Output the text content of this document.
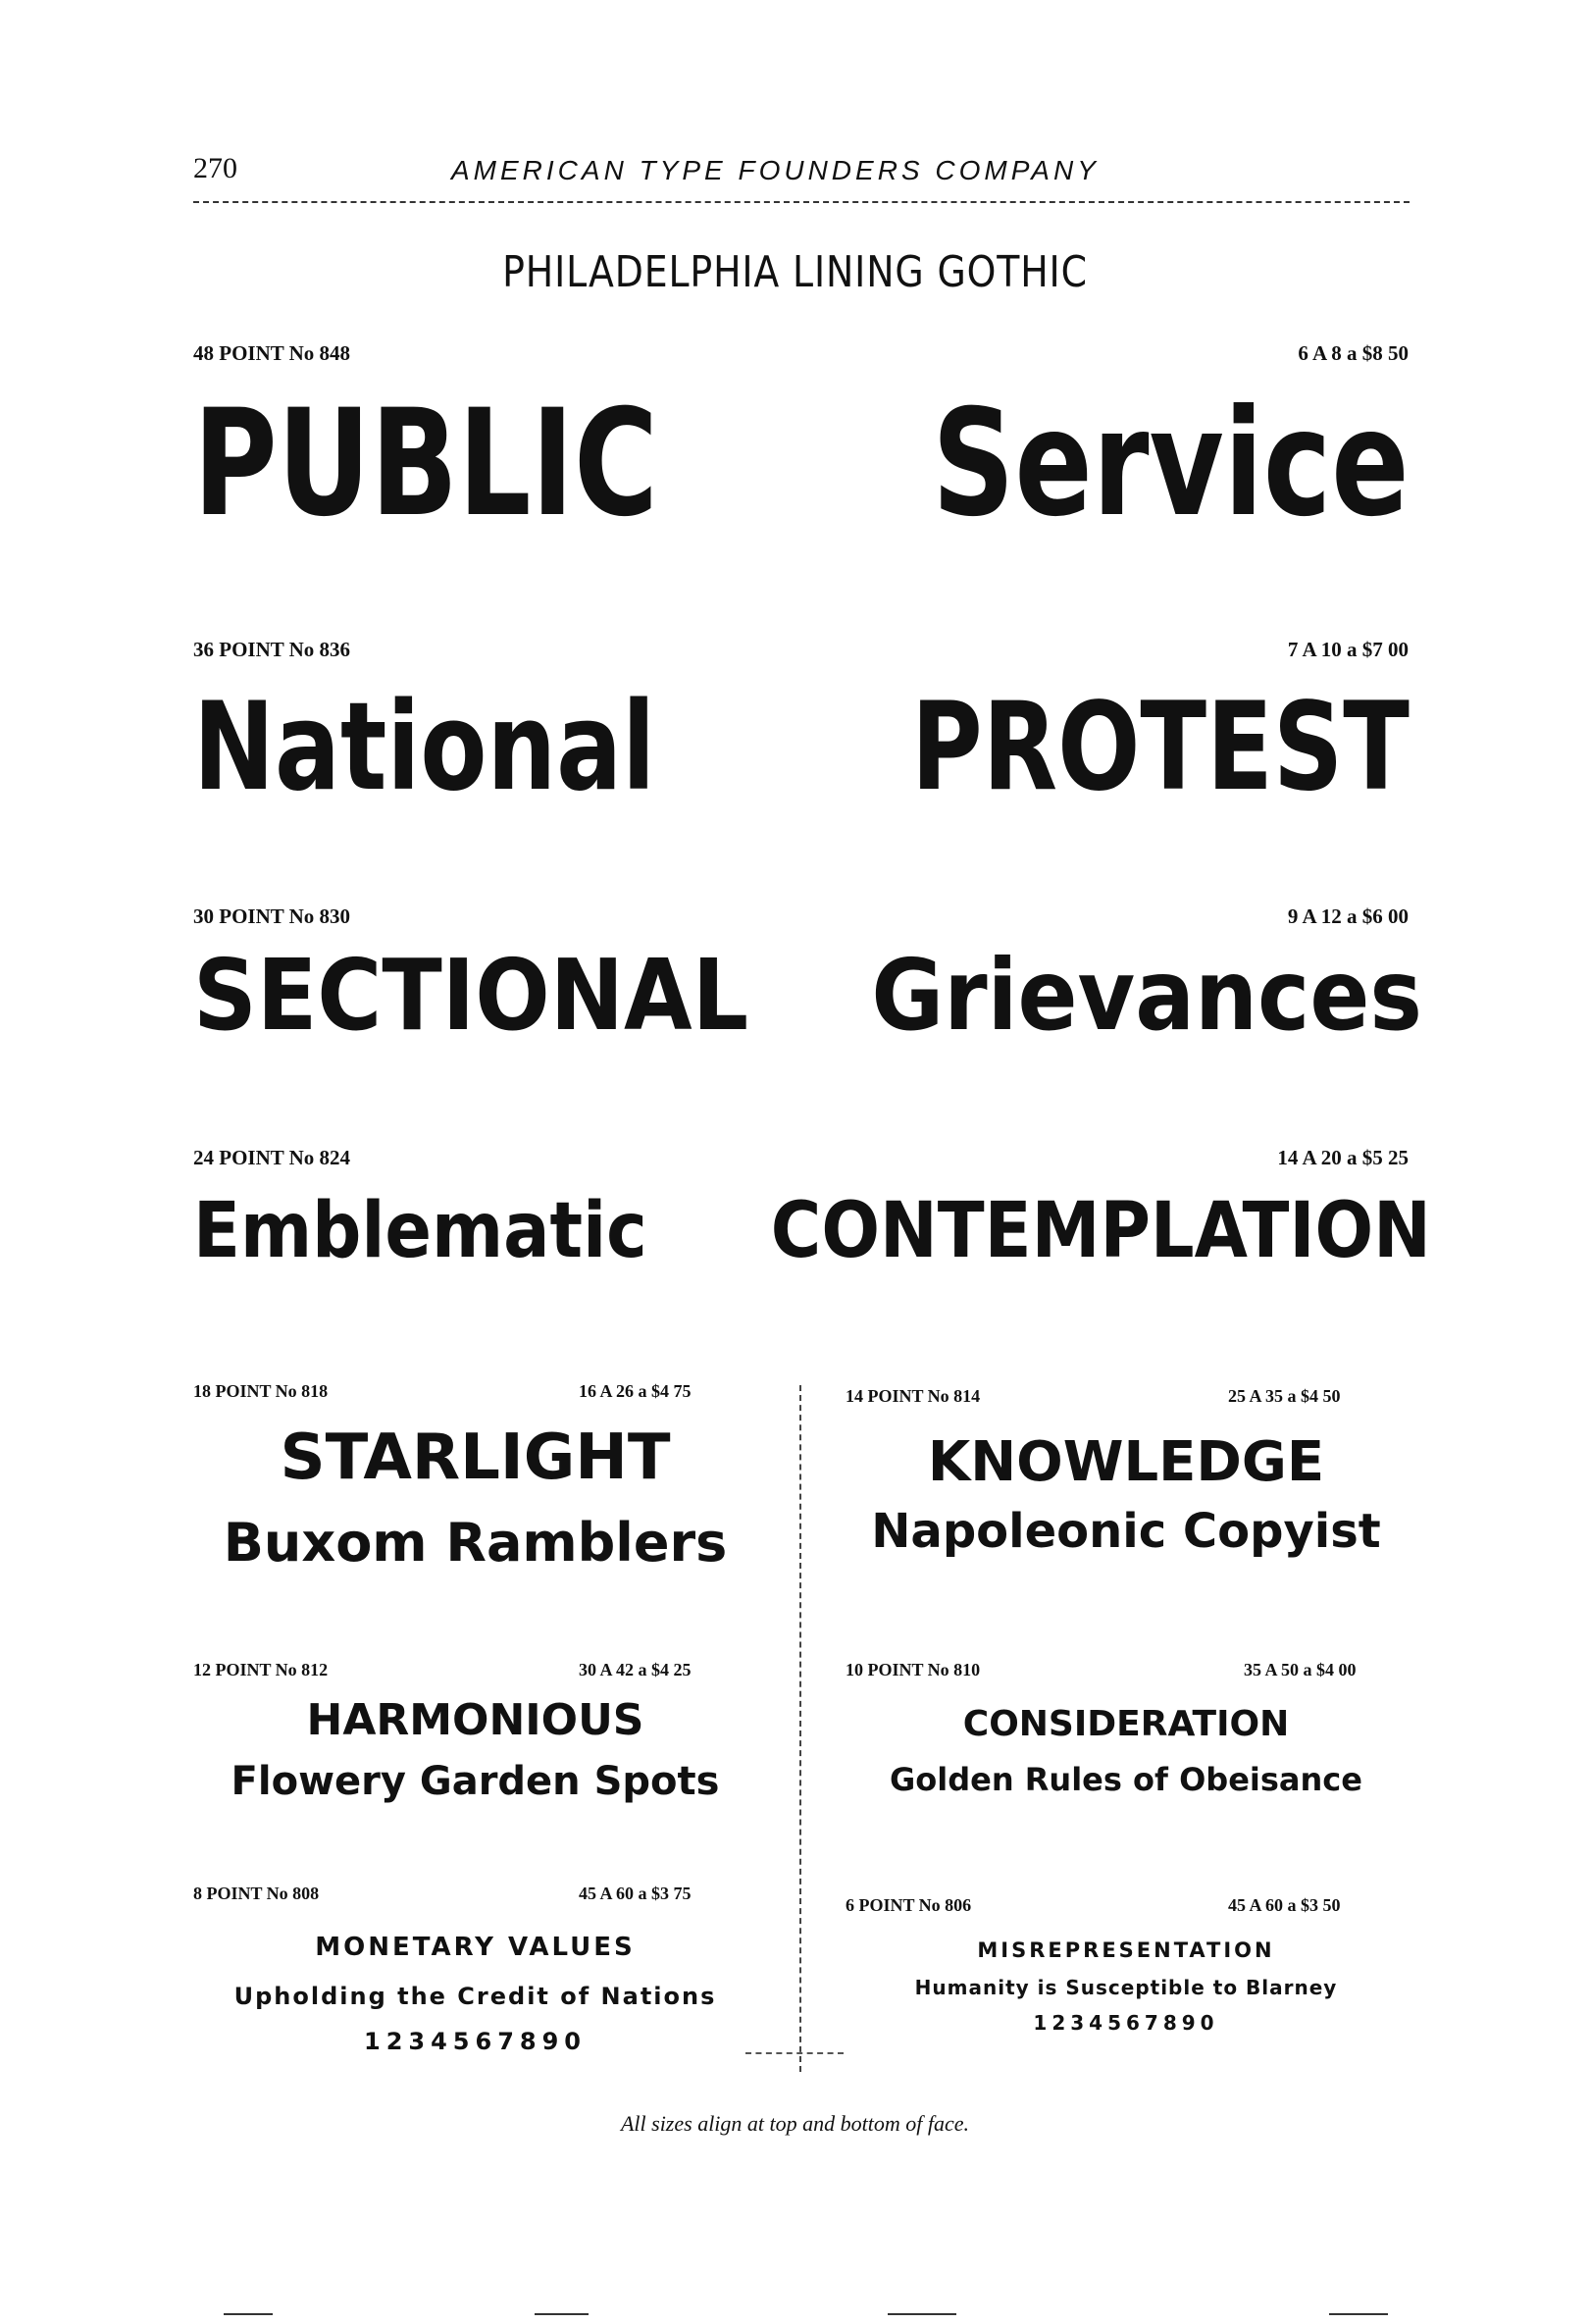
270	AMERICAN TYPE FOUNDERS COMPANY
PHILADELPHIA LINING GOTHIC
48 POINT No 848	6 A 8 a $8 50
PUBLIC Service
36 POINT No 836	7 A 10 a $7 00
National PROTEST
30 POINT No 830	9 A 12 a $6 00
SECTIONAL Grievances
24 POINT No 824	14 A 20 a $5 25
Emblematic CONTEMPLATION
18 POINT No 818	16 A 26 a $4 75
STARLIGHT
Buxom Ramblers
14 POINT No 814	25 A 35 a $4 50
KNOWLEDGE
Napoleonic Copyist
12 POINT No 812	30 A 42 a $4 25
HARMONIOUS
Flowery Garden Spots
10 POINT No 810	35 A 50 a $4 00
CONSIDERATION
Golden Rules of Obeisance
8 POINT No 808	45 A 60 a $3 75
MONETARY VALUES
Upholding the Credit of Nations
1234567890
6 POINT No 806	45 A 60 a $3 50
MISREPRESENTATION
Humanity is Susceptible to Blarney
1234567890
All sizes align at top and bottom of face.
